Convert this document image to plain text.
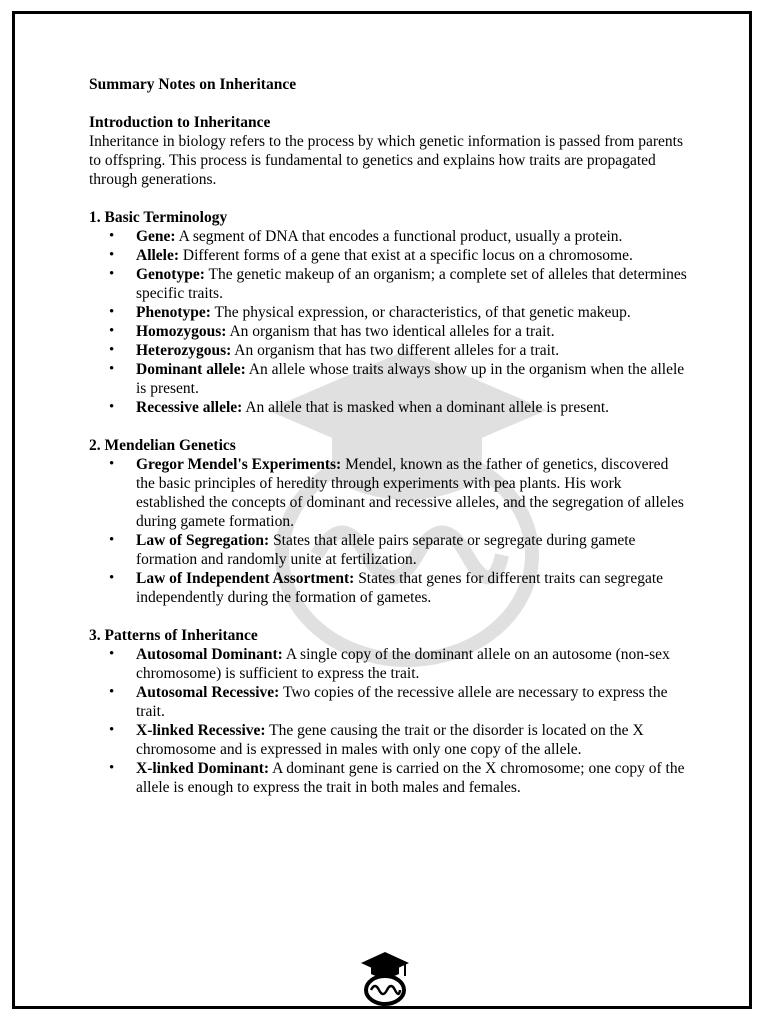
Summary Notes on Inheritance

Introduction to Inheritance

Inheritance in biology refers to the process by which genetic information is passed from parents to offspring. This process is fundamental to genetics and explains how traits are propagated through generations.

1. Basic Terminology

• Gene: A segment of DNA that encodes a functional product, usually a protein.
• Allele: Different forms of a gene that exist at a specific locus on a chromosome.
• Genotype: The genetic makeup of an organism; a complete set of alleles that determines specific traits.
• Phenotype: The physical expression, or characteristics, of that genetic makeup.
• Homozygous: An organism that has two identical alleles for a trait.
• Heterozygous: An organism that has two different alleles for a trait.
• Dominant allele: An allele whose traits always show up in the organism when the allele is present.
• Recessive allele: An allele that is masked when a dominant allele is present.

2. Mendelian Genetics

• Gregor Mendel's Experiments: Mendel, known as the father of genetics, discovered the basic principles of heredity through experiments with pea plants. His work established the concepts of dominant and recessive alleles, and the segregation of alleles during gamete formation.
• Law of Segregation: States that allele pairs separate or segregate during gamete formation and randomly unite at fertilization.
• Law of Independent Assortment: States that genes for different traits can segregate independently during the formation of gametes.

3. Patterns of Inheritance

• Autosomal Dominant: A single copy of the dominant allele on an autosome (non-sex chromosome) is sufficient to express the trait.
• Autosomal Recessive: Two copies of the recessive allele are necessary to express the trait.
• X-linked Recessive: The gene causing the trait or the disorder is located on the X chromosome and is expressed in males with only one copy of the allele.
• X-linked Dominant: A dominant gene is carried on the X chromosome; one copy of the allele is enough to express the trait in both males and females.
